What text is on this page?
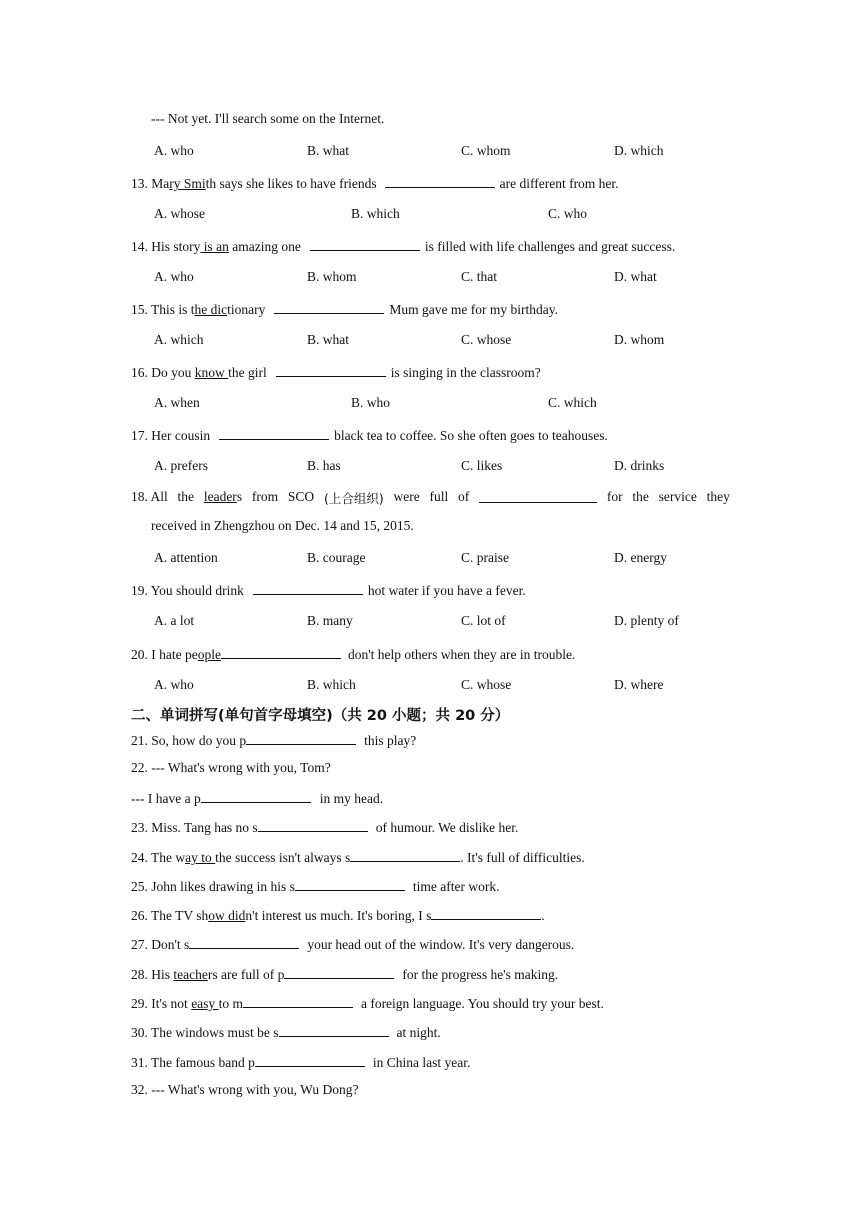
--- Not yet. I'll search some on the Internet.
A. who	B. what	C. whom	D. which
13. Mary Smith says she likes to have friends	are different from her.
A. whose	B. which	C. who
14. His story is an amazing one	is filled with life challenges and great success.
A. who	B. whom	C. that	D. what
15. This is the dictionary	Mum gave me for my birthday.
A. which	B. what	C. whose	D. whom
16. Do you know the girl	is singing in the classroom?
A. when	B. who	C. which
17. Her cousin	black tea to coffee. So she often goes to teahouses.
A. prefers	B. has	C. likes	D. drinks
18. All the leaders from SCO (上合组织) were full of	for the service they
received in Zhengzhou on Dec. 14 and 15, 2015.
A. attention	B. courage	C. praise	D. energy
19. You should drink	hot water if you have a fever.
A. a lot	B. many	C. lot of	D. plenty of
20. I hate people	don't help others when they are in trouble.
A. who	B. which	C. whose	D. where
二、单词拼写(单句首字母填空)（共 20 小题；共 20 分）
21. So, how do you p	this play?
22. --- What's wrong with you, Tom?
--- I have a p	in my head.
23. Miss. Tang has no s	of humour. We dislike her.
24. The way to the success isn't always s	. It's full of difficulties.
25. John likes drawing in his s	time after work.
26. The TV show didn't interest us much. It's boring, I s	.
27. Don't s	your head out of the window. It's very dangerous.
28. His teachers are full of p	for the progress he's making.
29. It's not easy to m	a foreign language. You should try your best.
30. The windows must be s	at night.
31. The famous band p	in China last year.
32. --- What's wrong with you, Wu Dong?
